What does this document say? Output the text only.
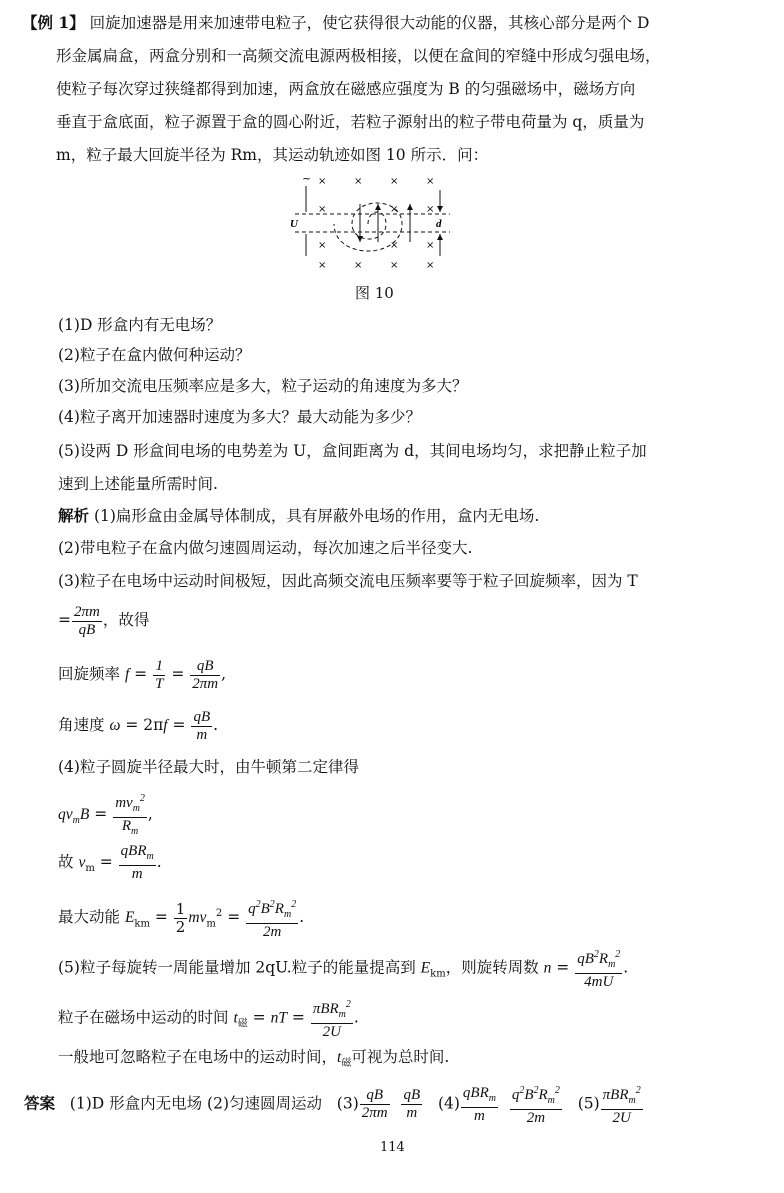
【例 1】 回旋加速器是用来加速带电粒子，使它获得很大动能的仪器，其核心部分是两个 D
形金属扁盒，两盒分别和一高频交流电源两极相接，以便在盒间的窄缝中形成匀强电场，
使粒子每次穿过狭缝都得到加速，两盒放在磁感应强度为 B 的匀强磁场中，磁场方向
垂直于盒底面，粒子源置于盒的圆心附近，若粒子源射出的粒子带电荷量为 q，质量为
m，粒子最大回旋半径为 Rm，其运动轨迹如图 10 所示．问：
×	×	×	×
×	×	×
×	×	×
×	×	×	×
~
U	d
图 10
(1)D 形盒内有无电场？
(2)粒子在盒内做何种运动？
(3)所加交流电压频率应是多大，粒子运动的角速度为多大？
(4)粒子离开加速器时速度为多大？最大动能为多少？
(5)设两 D 形盒间电场的电势差为 U，盒间距离为 d，其间电场均匀，求把静止粒子加
速到上述能量所需时间.
解析 (1)扁形盒由金属导体制成，具有屏蔽外电场的作用，盒内无电场.
(2)带电粒子在盒内做匀速圆周运动，每次加速之后半径变大.
(3)粒子在电场中运动时间极短，因此高频交流电压频率要等于粒子回旋频率，因为 T
= $\frac{2\pi m}{qB}$ ，故得
回旋频率 $f = \frac{1}{T} = \frac{qB}{2\pi m}$ ,
角速度 $\omega = 2\pi f = \frac{qB}{m}$ .
(4)粒子圆旋半径最大时，由牛顿第二定律得
$qv_mB = \frac{mv_m^2}{R_m}$ ,
故 $v_m = \frac{qBR_m}{m}$ .
最大动能 $E_{km} = \frac{1}{2} mv_m^2 = \frac{q^2B^2R_m^2}{2m}$ .
(5)粒子每旋转一周能量增加 2qU.粒子的能量提高到 $E_{km}$，则旋转周数 $n = \frac{qB^2R_m^2}{4mU}$ .
粒子在磁场中运动的时间 $t_磁$ = nT = $\frac{\pi BR_m^2}{2U}$ .
一般地可忽略粒子在电场中的运动时间，$t_磁$可视为总时间.
答案 (1)D 形盒内无电场 (2)匀速圆周运动 $(3) \frac{qB}{2\pi m}$
$\frac{qB}{m} (4) \frac{qBR_m}{m}$
$\frac{q^2B^2R_m^2}{2m} (5) \frac{\pi BR_m^2}{2U}$
114
